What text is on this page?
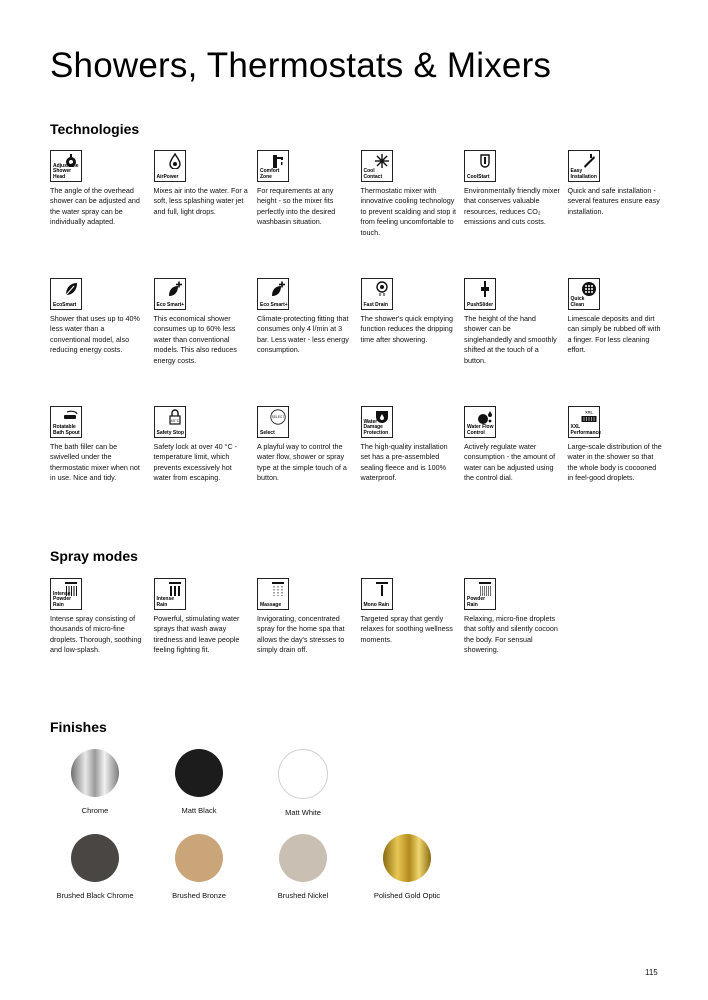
Showers, Thermostats & Mixers
Technologies
Adjustable Shower Head
The angle of the overhead shower can be adjusted and the water spray can be individually adapted.
AirPower
Mixes air into the water. For a soft, less splashing water jet and full, light drops.
Comfort Zone
For requirements at any height - so the mixer fits perfectly into the desired washbasin situation.
Cool Contact
Thermostatic mixer with innovative cooling technology to prevent scalding and stop it from feeling uncomfortable to touch.
CoolStart
Environmentally friendly mixer that conserves valuable resources, reduces CO₂ emissions and cuts costs.
Easy Installation
Quick and safe installation - several features ensure easy installation.
EcoSmart
Shower that uses up to 40% less water than a conventional model, also reducing energy costs.
Eco Smart+
This economical shower consumes up to 60% less water than conventional models. This also reduces energy costs.
Eco Smart+
Climate-protecting fitting that consumes only 4 l/min at 3 bar. Less water - less energy consumption.
Fast Drain
The shower's quick emptying function reduces the dripping time after showering.
PushSlider
The height of the hand shower can be singlehandedly and smoothly shifted at the touch of a button.
Quick Clean
Limescale deposits and dirt can simply be rubbed off with a finger. For less cleaning effort.
Rotatable Bath Spout
The bath filler can be swivelled under the thermostatic mixer when not in use. Nice and tidy.
40°C
Safety Stop
Safety lock at over 40 °C - temperature limit, which prevents excessively hot water from escaping.
SELECT
Select
A playful way to control the water flow, shower or spray type at the simple touch of a button.
Water Damage Protection
The high-quality installation set has a pre-assembled sealing fleece and is 100% waterproof.
Water Flow Control
Actively regulate water consumption - the amount of water can be adjusted using the control dial.
XXL
XXL Performance
Large-scale distribution of the water in the shower so that the whole body is cocooned in feel-good droplets.
Spray modes
Intense Powder Rain
Intense spray consisting of thousands of micro-fine droplets. Thorough, soothing and low-splash.
Intense Rain
Powerful, stimulating water sprays that wash away tiredness and leave people feeling fighting fit.
Massage
Invigorating, concentrated spray for the home spa that allows the day's stresses to simply drain off.
Mono Rain
Targeted spray that gently relaxes for soothing wellness moments.
Powder Rain
Relaxing, micro-fine droplets that softly and silently cocoon the body. For sensual showering.
Finishes
Chrome	Matt Black	Matt White
Brushed Black Chrome	Brushed Bronze	Brushed Nickel	Polished Gold Optic
115
